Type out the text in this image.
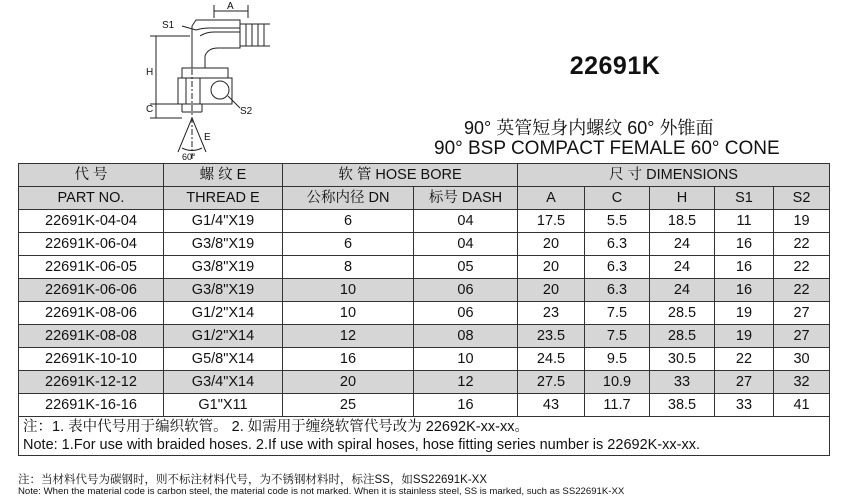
A
S1
H
C
E
S2
60°
22691K
90° 英管短身内螺纹 60° 外锥面
90° BSP COMPACT FEMALE 60° CONE
代 号	螺 纹 E	软 管 HOSE BORE		尺 寸 DIMENSIONS				
PART NO.	THREAD E	公称内径 DN	标号 DASH	A	C	H	S1	S2
22691K-04-04	G1/4"X19	6	04	17.5	5.5	18.5	11	19
22691K-06-04	G3/8"X19	6	04	20	6.3	24	16	22
22691K-06-05	G3/8"X19	8	05	20	6.3	24	16	22
22691K-06-06	G3/8"X19	10	06	20	6.3	24	16	22
22691K-08-06	G1/2"X14	10	06	23	7.5	28.5	19	27
22691K-08-08	G1/2"X14	12	08	23.5	7.5	28.5	19	27
22691K-10-10	G5/8"X14	16	10	24.5	9.5	30.5	22	30
22691K-12-12	G3/4"X14	20	12	27.5	10.9	33	27	32
22691K-16-16	G1"X11	25	16	43	11.7	38.5	33	41

注：1. 表中代号用于编织软管。 2. 如需用于缠绕软管代号改为 22692K-xx-xx。
Note: 1.For use with braided hoses. 2.If use with spiral hoses, hose fitting series number is 22692K-xx-xx.								
注：当材料代号为碳钢时，则不标注材料代号，为不锈钢材料时，标注SS，如SS22691K-XX
Note: When the material code is carbon steel, the material code is not marked. When it is stainless steel, SS is marked, such as SS22691K-XX
